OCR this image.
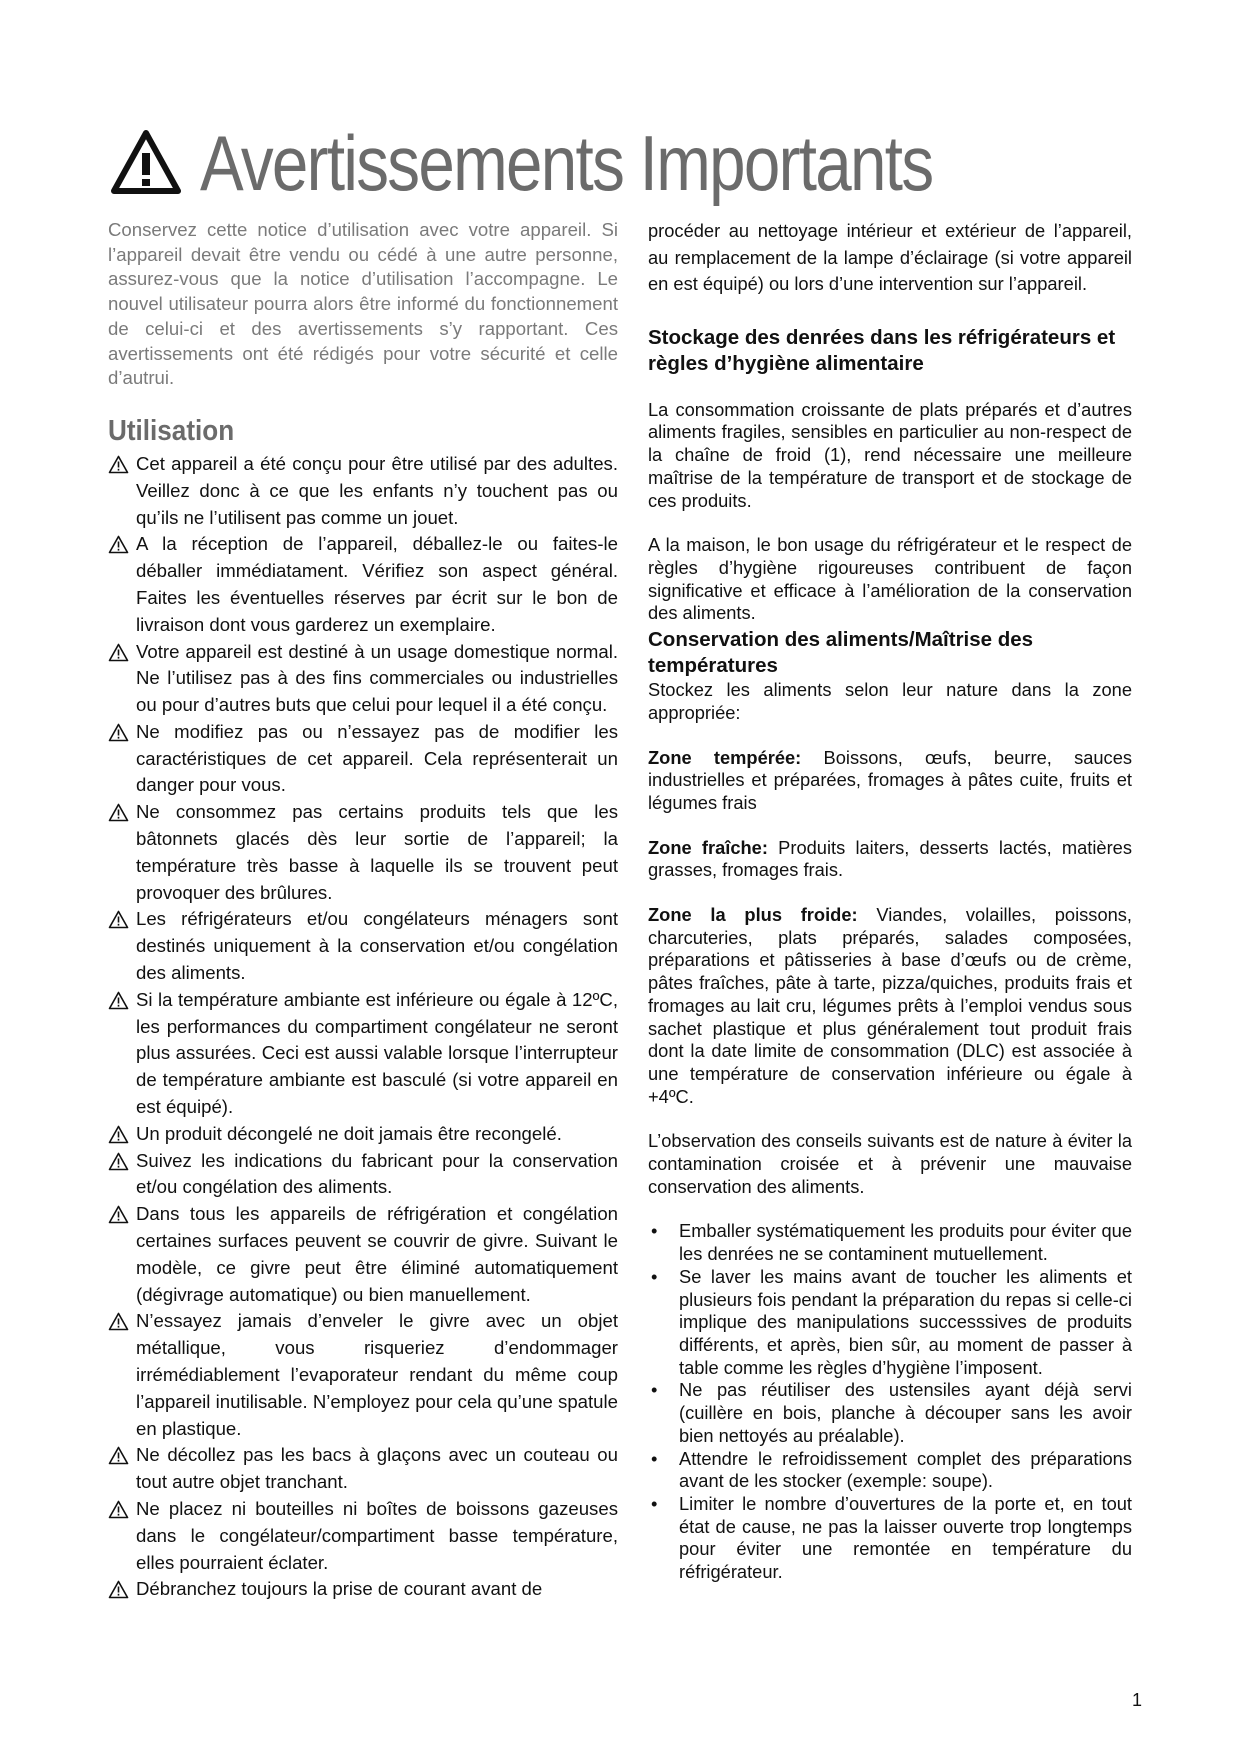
Avertissements Importants

Conservez cette notice d’utilisation avec votre appareil. Si l’appareil devait être vendu ou cédé à une autre personne, assurez-vous que la notice d’utilisation l’accompagne. Le nouvel utilisateur pourra alors être informé du fonctionnement de celui-ci et des avertissements s’y rapportant. Ces avertissements ont été rédigés pour votre sécurité et celle d’autrui.

Utilisation
Cet appareil a été conçu pour être utilisé par des adultes. Veillez donc à ce que les enfants n’y touchent pas ou qu’ils ne l’utilisent pas comme un jouet.
A la réception de l’appareil, déballez-le ou faites-le déballer immédiatament. Vérifiez son aspect général. Faites les éventuelles réserves par écrit sur le bon de livraison dont vous garderez un exemplaire.
Votre appareil est destiné à un usage domestique normal. Ne l’utilisez pas à des fins commerciales ou industrielles ou pour d’autres buts que celui pour lequel il a été conçu.
Ne modifiez pas ou n’essayez pas de modifier les caractéristiques de cet appareil. Cela représenterait un danger pour vous.
Ne consommez pas certains produits tels que les bâtonnets glacés dès leur sortie de l’appareil; la température très basse à laquelle ils se trouvent peut provoquer des brûlures.
Les réfrigérateurs et/ou congélateurs ménagers sont destinés uniquement à la conservation et/ou congélation des aliments.
Si la température ambiante est inférieure ou égale à 12ºC, les performances du compartiment congélateur ne seront plus assurées. Ceci est aussi valable lorsque l’interrupteur de température ambiante est basculé (si votre appareil en est équipé).
Un produit décongelé ne doit jamais être recongelé.
Suivez les indications du fabricant pour la conservation et/ou congélation des aliments.
Dans tous les appareils de réfrigération et congélation certaines surfaces peuvent se couvrir de givre. Suivant le modèle, ce givre peut être éliminé automatiquement (dégivrage automatique) ou bien manuellement.
N’essayez jamais d’enveler le givre avec un objet métallique, vous risqueriez d’endommager irrémédiablement l’evaporateur rendant du même coup l’appareil inutilisable. N’employez pour cela qu’une spatule en plastique.
Ne décollez pas les bacs à glaçons avec un couteau ou tout autre objet tranchant.
Ne placez ni bouteilles ni boîtes de boissons gazeuses dans le congélateur/compartiment basse température, elles pourraient éclater.
Débranchez toujours la prise de courant avant de

procéder au nettoyage intérieur et extérieur de l’appareil, au remplacement de la lampe d’éclairage (si votre appareil en est équipé) ou lors d’une intervention sur l’appareil.

Stockage des denrées dans les réfrigérateurs et règles d’hygiène alimentaire

La consommation croissante de plats préparés et d’autres aliments fragiles, sensibles en particulier au non-respect de la chaîne de froid (1), rend nécessaire une meilleure maîtrise de la température de transport et de stockage de ces produits.

A la maison, le bon usage du réfrigérateur et le respect de règles d’hygiène rigoureuses contribuent de façon significative et efficace à l’amélioration de la conservation des aliments.

Conservation des aliments/Maîtrise des températures

Stockez les aliments selon leur nature dans la zone appropriée:

Zone tempérée: Boissons, œufs, beurre, sauces industrielles et préparées, fromages à pâtes cuite, fruits et légumes frais

Zone fraîche: Produits laiters, desserts lactés, matières grasses, fromages frais.

Zone la plus froide: Viandes, volailles, poissons, charcuteries, plats préparés, salades composées, préparations et pâtisseries à base d’œufs ou de crème, pâtes fraîches, pâte à tarte, pizza/quiches, produits frais et fromages au lait cru, légumes prêts à l’emploi vendus sous sachet plastique et plus généralement tout produit frais dont la date limite de consommation (DLC) est associée à une température de conservation inférieure ou égale à +4ºC.

L’observation des conseils suivants est de nature à éviter la contamination croisée et à prévenir une mauvaise conservation des aliments.

•	Emballer systématiquement les produits pour éviter que les denrées ne se contaminent mutuellement.
•	Se laver les mains avant de toucher les aliments et plusieurs fois pendant la préparation du repas si celle-ci implique des manipulations successsives de produits différents, et après, bien sûr, au moment de passer à table comme les règles d’hygiène l’imposent.
•	Ne pas réutiliser des ustensiles ayant déjà servi (cuillère en bois, planche à découper sans les avoir bien nettoyés au préalable).
•	Attendre le refroidissement complet des préparations avant de les stocker (exemple: soupe).
•	Limiter le nombre d’ouvertures de la porte et, en tout état de cause, ne pas la laisser ouverte trop longtemps pour éviter une remontée en température du réfrigérateur.
1
